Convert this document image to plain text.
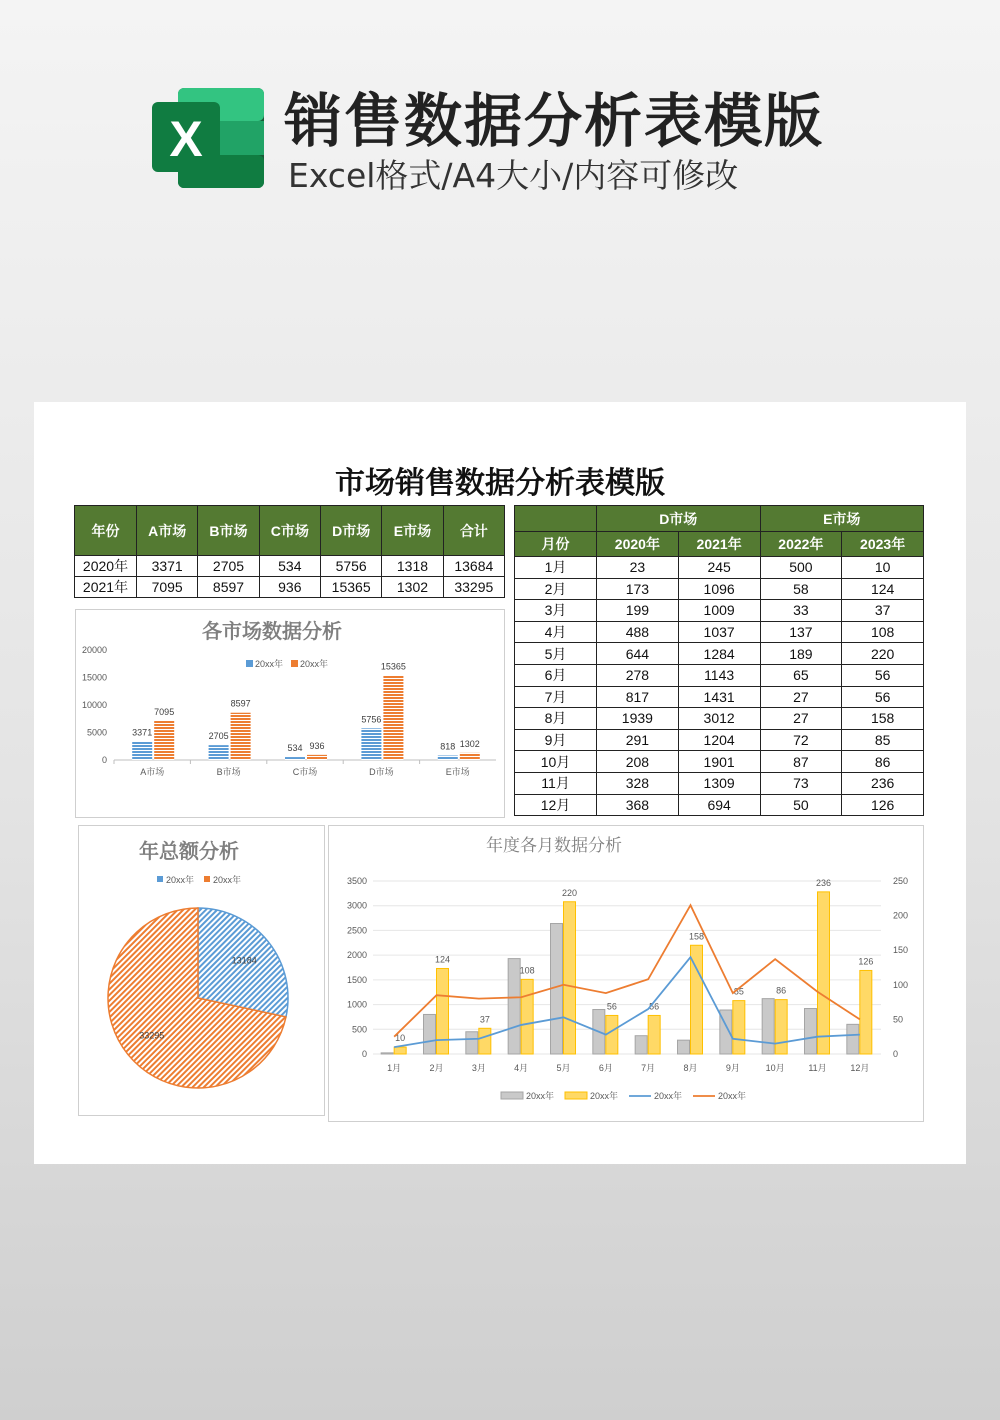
X 销售数据分析表模版
Excel格式/A4大小/内容可修改
市场销售数据分析表模版
年份	A市场	B市场	C市场	D市场	E市场	合计
2020年	3371	2705	534	5756	1318	13684
2021年	7095	8597	936	15365	1302	33295
	D市场		E市场	
月份	2020年	2021年	2022年	2023年
1月	23	245	500	10
2月	173	1096	58	124
3月	199	1009	33	37
4月	488	1037	137	108
5月	644	1284	189	220
6月	278	1143	65	56
7月	817	1431	27	56
8月	1939	3012	27	158
9月	291	1204	72	85
10月	208	1901	87	86
11月	328	1309	73	236
12月	368	694	50	126
各市场数据分析
20xx年 20xx年
0
5000
10000
15000
20000
A市场
3371
7095
B市场
2705
8597
C市场
534 936
D市场
5756
15365
E市场
818 1302
年总额分析
20xx年 20xx年
13184
33295
年度各月数据分析
0
500
1000
1500
2000
2500
3000
3500
0
50
100
150
200
250
1月
10
2月
124
3月
37
4月
108
5月
220
6月
56
7月
56
8月
158
9月
85
10月
86
11月
236
12月
126
20xx年	20xx年	20xx年	20xx年
